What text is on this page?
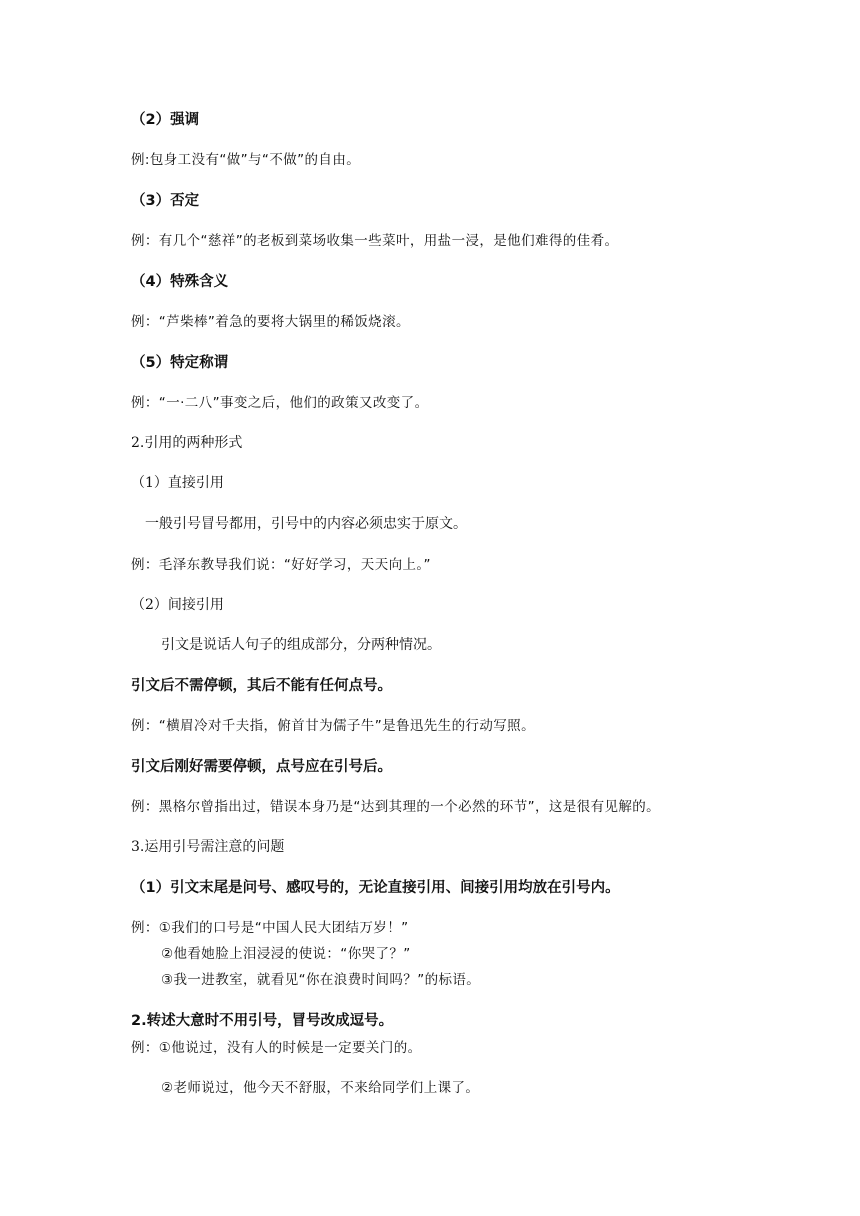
（2）强调
例:包身工没有“做”与“不做”的自由。
（3）否定
例：有几个“慈祥”的老板到菜场收集一些菜叶，用盐一浸，是他们难得的佳肴。
（4）特殊含义
例：“芦柴棒”着急的要将大锅里的稀饭烧滚。
（5）特定称谓
例：“一·二八”事变之后，他们的政策又改变了。
2.引用的两种形式
（1）直接引用
一般引号冒号都用，引号中的内容必须忠实于原文。
例：毛泽东教导我们说：“好好学习，天天向上。”
（2）间接引用
引文是说话人句子的组成部分，分两种情况。
引文后不需停顿，其后不能有任何点号。
例：“横眉冷对千夫指，俯首甘为儒子牛”是鲁迅先生的行动写照。
引文后刚好需要停顿，点号应在引号后。
例：黑格尔曾指出过，错误本身乃是“达到其理的一个必然的环节”，这是很有见解的。
3.运用引号需注意的问题
（1）引文末尾是问号、感叹号的，无论直接引用、间接引用均放在引号内。
例：①我们的口号是“中国人民大团结万岁！”
②他看她脸上泪浸浸的使说：“你哭了？”
③我一进教室，就看见“你在浪费时间吗？”的标语。
2.转述大意时不用引号，冒号改成逗号。
例：①他说过，没有人的时候是一定要关门的。
②老师说过，他今天不舒服，不来给同学们上课了。
